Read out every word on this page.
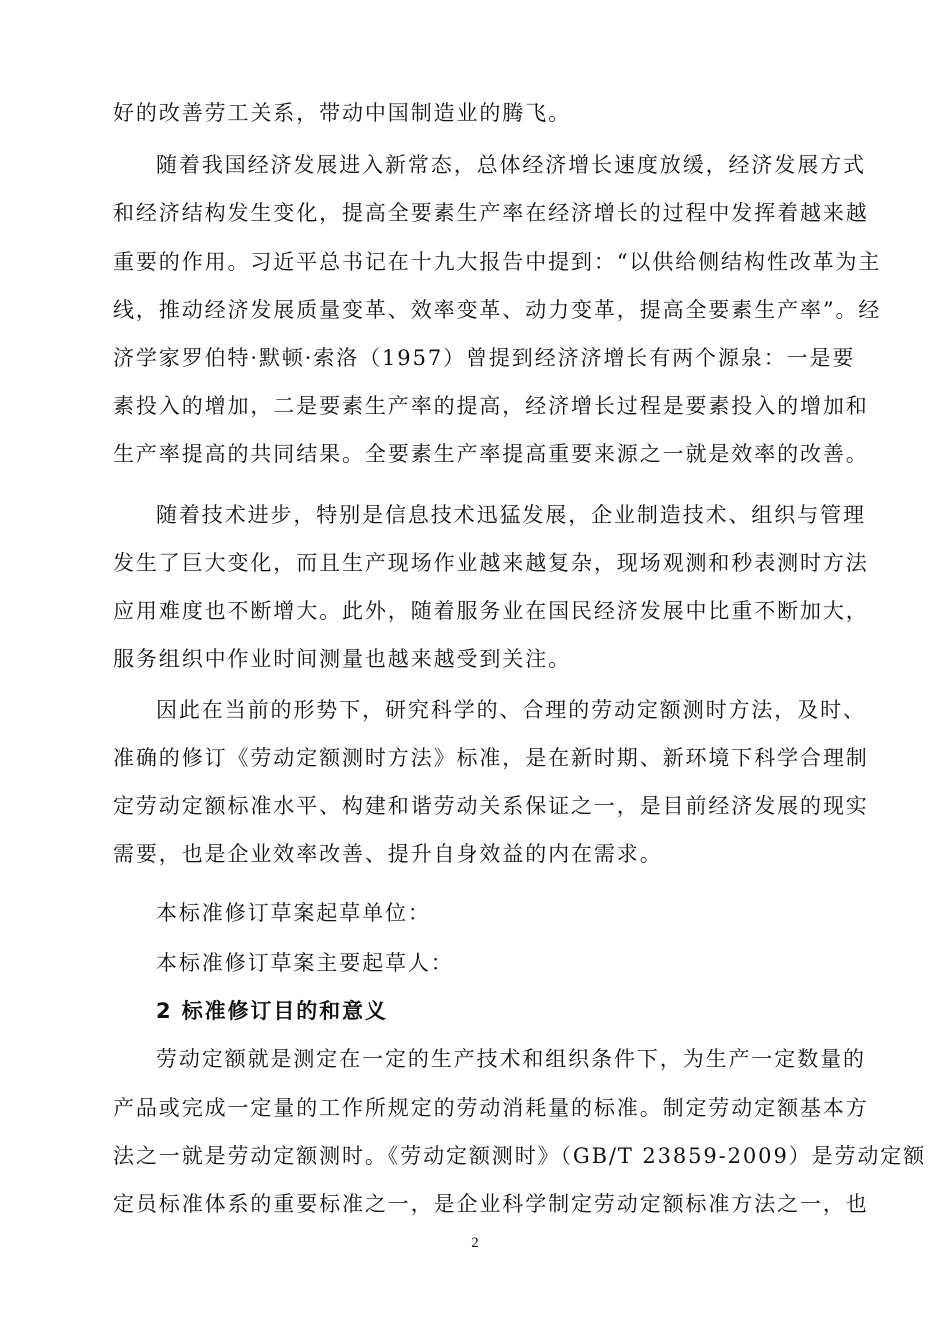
好的改善劳工关系，带动中国制造业的腾飞。
随着我国经济发展进入新常态，总体经济增长速度放缓，经济发展方式
和经济结构发生变化，提高全要素生产率在经济增长的过程中发挥着越来越
重要的作用。习近平总书记在十九大报告中提到：“以供给侧结构性改革为主
线，推动经济发展质量变革、效率变革、动力变革，提高全要素生产率”。经
济学家罗伯特·默顿·索洛（1957）曾提到经济济增长有两个源泉：一是要
素投入的增加，二是要素生产率的提高，经济增长过程是要素投入的增加和
生产率提高的共同结果。全要素生产率提高重要来源之一就是效率的改善。
随着技术进步，特别是信息技术迅猛发展，企业制造技术、组织与管理
发生了巨大变化，而且生产现场作业越来越复杂，现场观测和秒表测时方法
应用难度也不断增大。此外，随着服务业在国民经济发展中比重不断加大，
服务组织中作业时间测量也越来越受到关注。
因此在当前的形势下，研究科学的、合理的劳动定额测时方法，及时、
准确的修订《劳动定额测时方法》标准，是在新时期、新环境下科学合理制
定劳动定额标准水平、构建和谐劳动关系保证之一，是目前经济发展的现实
需要，也是企业效率改善、提升自身效益的内在需求。
本标准修订草案起草单位：
本标准修订草案主要起草人：
2 标准修订目的和意义
劳动定额就是测定在一定的生产技术和组织条件下，为生产一定数量的
产品或完成一定量的工作所规定的劳动消耗量的标准。制定劳动定额基本方
法之一就是劳动定额测时。《劳动定额测时》（GB/T 23859-2009）是劳动定额
定员标准体系的重要标准之一，是企业科学制定劳动定额标准方法之一，也
2
